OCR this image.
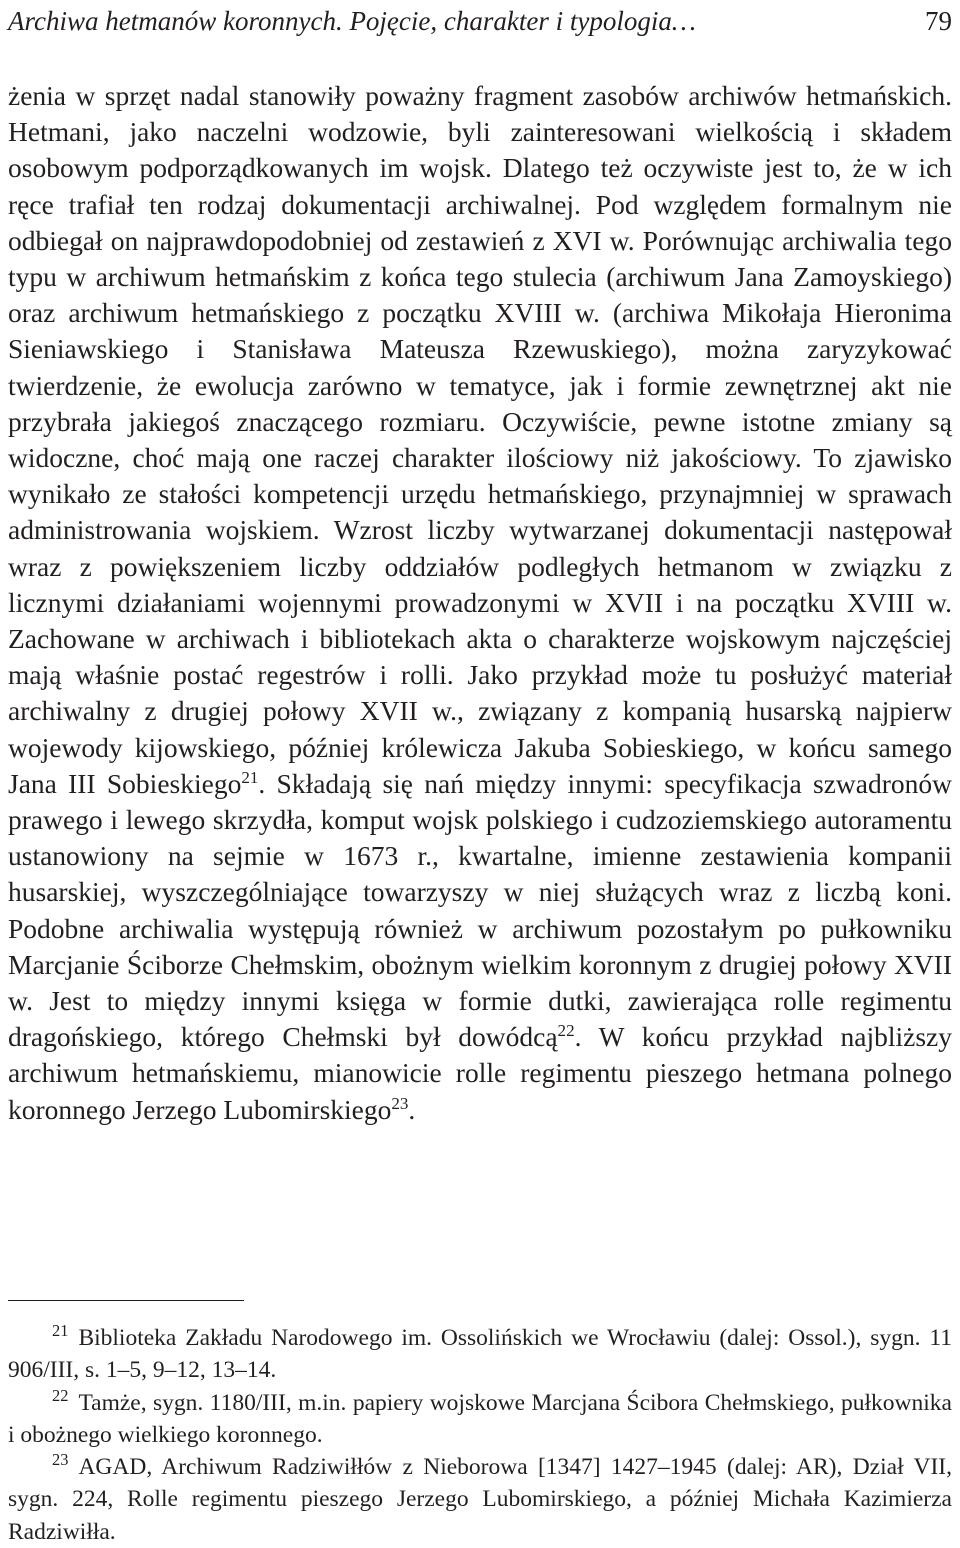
Archiwa hetmanów koronnych. Pojęcie, charakter i typologia…	79

żenia w sprzęt nadal stanowiły poważny fragment zasobów archiwów hetmańskich. Hetmani, jako naczelni wodzowie, byli zainteresowani wielkością i składem osobowym podporządkowanych im wojsk. Dlatego też oczywiste jest to, że w ich ręce trafiał ten rodzaj dokumentacji archiwalnej. Pod względem formalnym nie odbiegał on najprawdopodobniej od zestawień z XVI w. Porównując archiwalia tego typu w archiwum hetmańskim z końca tego stulecia (archiwum Jana Zamoyskiego) oraz archiwum hetmańskiego z początku XVIII w. (archiwa Mikołaja Hieronima Sieniawskiego i Stanisława Mateusza Rzewuskiego), można zaryzykować twierdzenie, że ewolucja zarówno w tematyce, jak i formie zewnętrznej akt nie przybrała jakiegoś znaczącego rozmiaru. Oczywiście, pewne istotne zmiany są widoczne, choć mają one raczej charakter ilościowy niż jakościowy. To zjawisko wynikało ze stałości kompetencji urzędu hetmańskiego, przynajmniej w sprawach administrowania wojskiem. Wzrost liczby wytwarzanej dokumentacji następował wraz z powiększeniem liczby oddziałów podległych hetmanom w związku z licznymi działaniami wojennymi prowadzonymi w XVII i na początku XVIII w. Zachowane w archiwach i bibliotekach akta o charakterze wojskowym najczęściej mają właśnie postać regestrów i rolli. Jako przykład może tu posłużyć materiał archiwalny z drugiej połowy XVII w., związany z kompanią husarską najpierw wojewody kijowskiego, później królewicza Jakuba Sobieskiego, w końcu samego Jana III Sobieskiego$^{21}$. Składają się nań między innymi: specyfikacja szwadronów prawego i lewego skrzydła, komput wojsk polskiego i cudzoziemskiego autoramentu ustanowiony na sejmie w 1673 r., kwartalne, imienne zestawienia kompanii husarskiej, wyszczególniające towarzyszy w niej służących wraz z liczbą koni. Podobne archiwalia występują również w archiwum pozostałym po pułkowniku Marcjanie Ściborze Chełmskim, obożnym wielkim koronnym z drugiej połowy XVII w. Jest to między innymi księga w formie dutki, zawierająca rolle regimentu dragońskiego, którego Chełmski był dowódcą$^{22}$. W końcu przykład najbliższy archiwum hetmańskiemu, mianowicie rolle regimentu pieszego hetmana polnego koronnego Jerzego Lubomirskiego$^{23}$.

$^{21}$ Biblioteka Zakładu Narodowego im. Ossolińskich we Wrocławiu (dalej: Ossol.), sygn. 11 906/III, s. 1–5, 9–12, 13–14.

$^{22}$ Tamże, sygn. 1180/III, m.in. papiery wojskowe Marcjana Ścibora Chełmskiego, pułkownika i obożnego wielkiego koronnego.

$^{23}$ AGAD, Archiwum Radziwiłłów z Nieborowa [1347] 1427–1945 (dalej: AR), Dział VII, sygn. 224, Rolle regimentu pieszego Jerzego Lubomirskiego, a później Michała Kazimierza Radziwiłła.
